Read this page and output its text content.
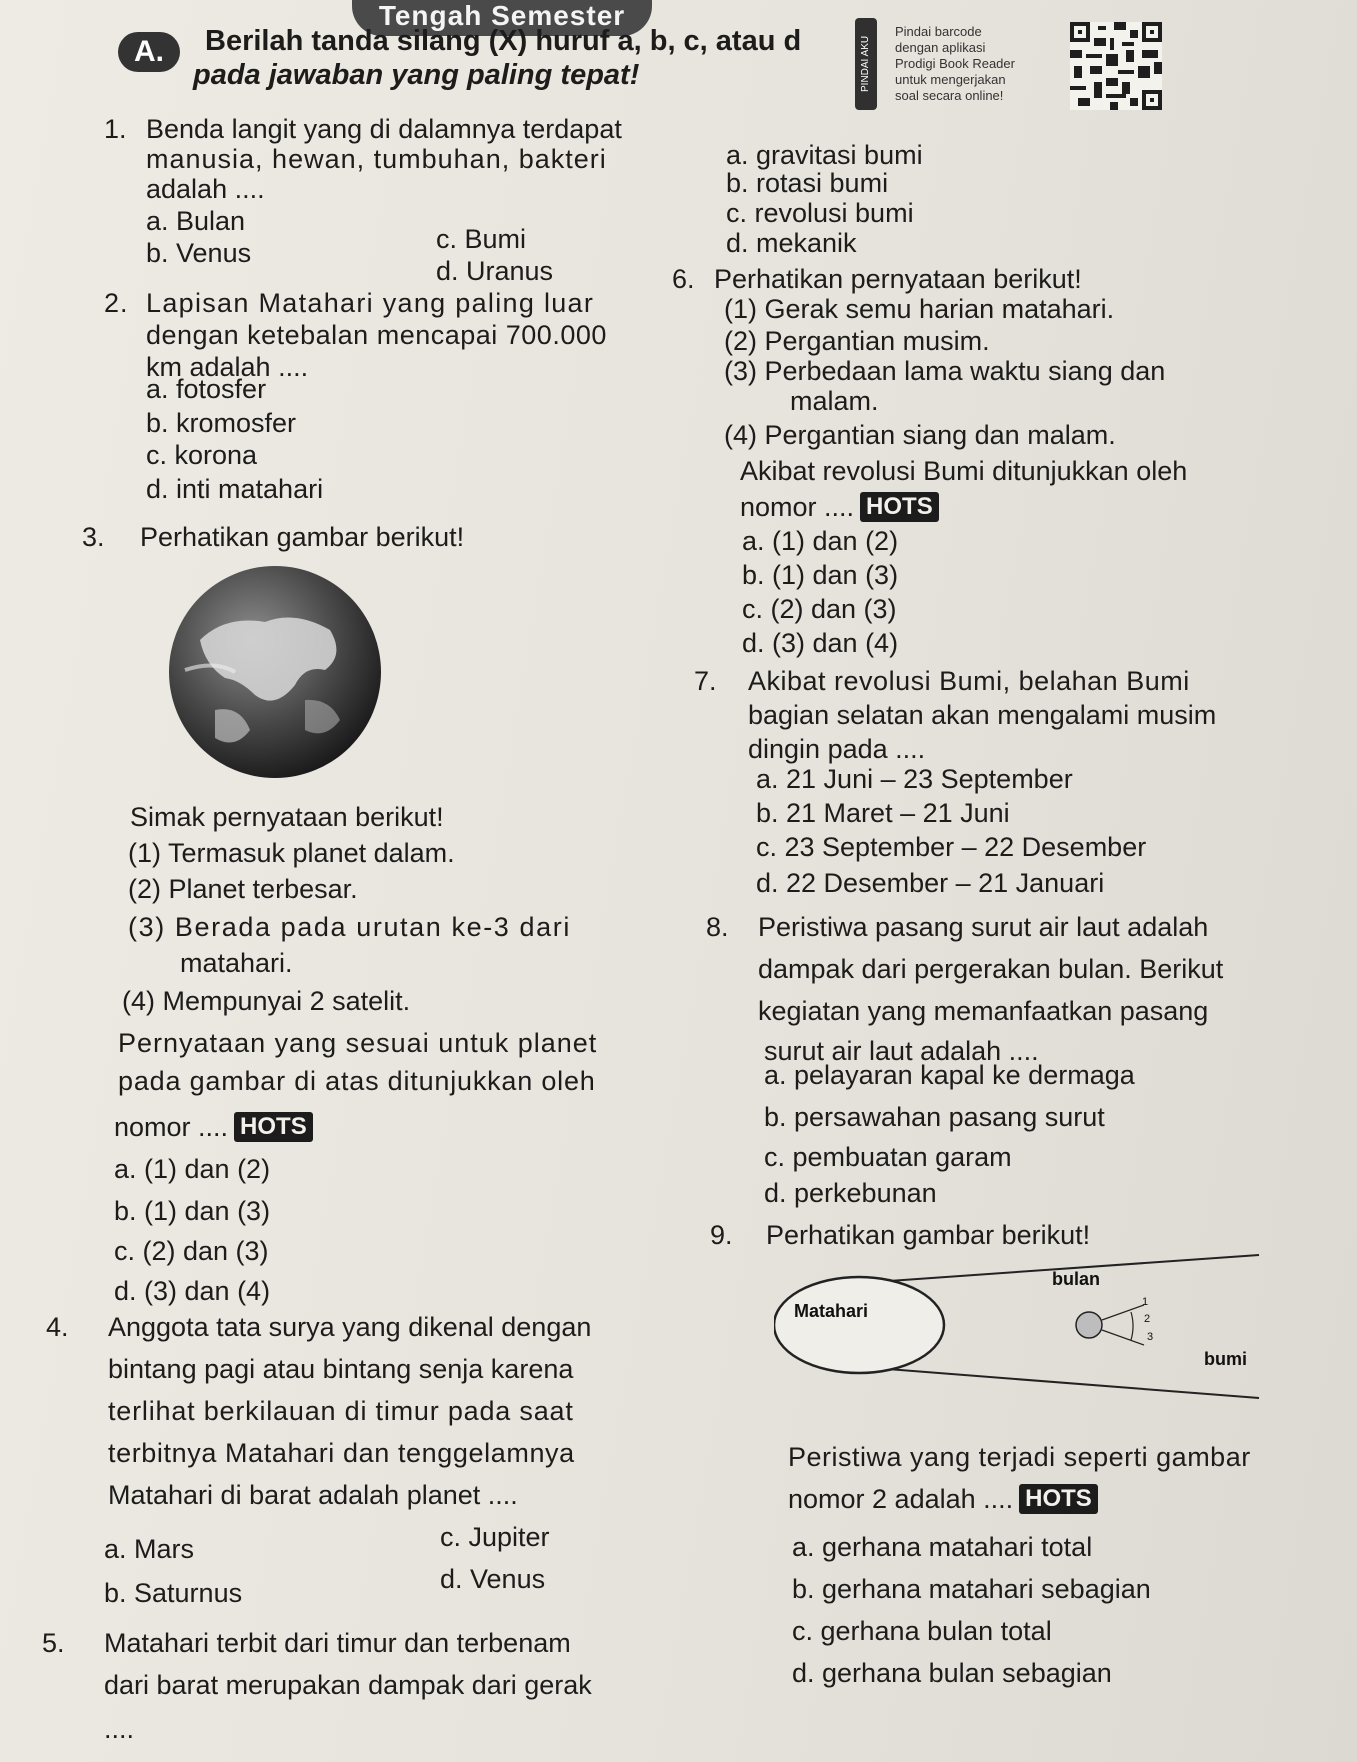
Tengah Semester
A.	Berilah tanda silang (X) huruf a, b, c, atau d
pada jawaban yang paling tepat!	PINDAI AKU
Pindai barcode
dengan aplikasi
Prodigi Book Reader
untuk mengerjakan
soal secara online!
1. Benda langit yang di dalamnya terdapat
manusia, hewan, tumbuhan, bakteri
adalah ....
a. Bulan
b. Venus	c. Bumi
d. Uranus
2. Lapisan Matahari yang paling luar
dengan ketebalan mencapai 700.000
km adalah ....
a. fotosfer
b. kromosfer
c. korona
d. inti matahari
3. Perhatikan gambar berikut!
Simak pernyataan berikut!
(1) Termasuk planet dalam.
(2) Planet terbesar.
(3) Berada pada urutan ke-3 dari
matahari.
(4) Mempunyai 2 satelit.
Pernyataan yang sesuai untuk planet
pada gambar di atas ditunjukkan oleh
nomor .... HOTS
a. (1) dan (2)
b. (1) dan (3)
c. (2) dan (3)
d. (3) dan (4)
4. Anggota tata surya yang dikenal dengan
bintang pagi atau bintang senja karena
terlihat berkilauan di timur pada saat
terbitnya Matahari dan tenggelamnya
Matahari di barat adalah planet ....
a. Mars
b. Saturnus
c. Jupiter
d. Venus
5. Matahari terbit dari timur dan terbenam
dari barat merupakan dampak dari gerak
....
a. gravitasi bumi
b. rotasi bumi
c. revolusi bumi
d. mekanik
6. Perhatikan pernyataan berikut!
(1) Gerak semu harian matahari.
(2) Pergantian musim.
(3) Perbedaan lama waktu siang dan
malam.
(4) Pergantian siang dan malam.
Akibat revolusi Bumi ditunjukkan oleh
nomor .... HOTS
a. (1) dan (2)
b. (1) dan (3)
c. (2) dan (3)
d. (3) dan (4)
7. Akibat revolusi Bumi, belahan Bumi
bagian selatan akan mengalami musim
dingin pada ....
a. 21 Juni – 23 September
b. 21 Maret – 21 Juni
c. 23 September – 22 Desember
d. 22 Desember – 21 Januari
8. Peristiwa pasang surut air laut adalah
dampak dari pergerakan bulan. Berikut
kegiatan yang memanfaatkan pasang
surut air laut adalah ....
a. pelayaran kapal ke dermaga
b. persawahan pasang surut
c. pembuatan garam
d. perkebunan
9. Perhatikan gambar berikut!
Matahari
bulan
bumi
1
2
3
Peristiwa yang terjadi seperti gambar
nomor 2 adalah .... HOTS
a. gerhana matahari total
b. gerhana matahari sebagian
c. gerhana bulan total
d. gerhana bulan sebagian
